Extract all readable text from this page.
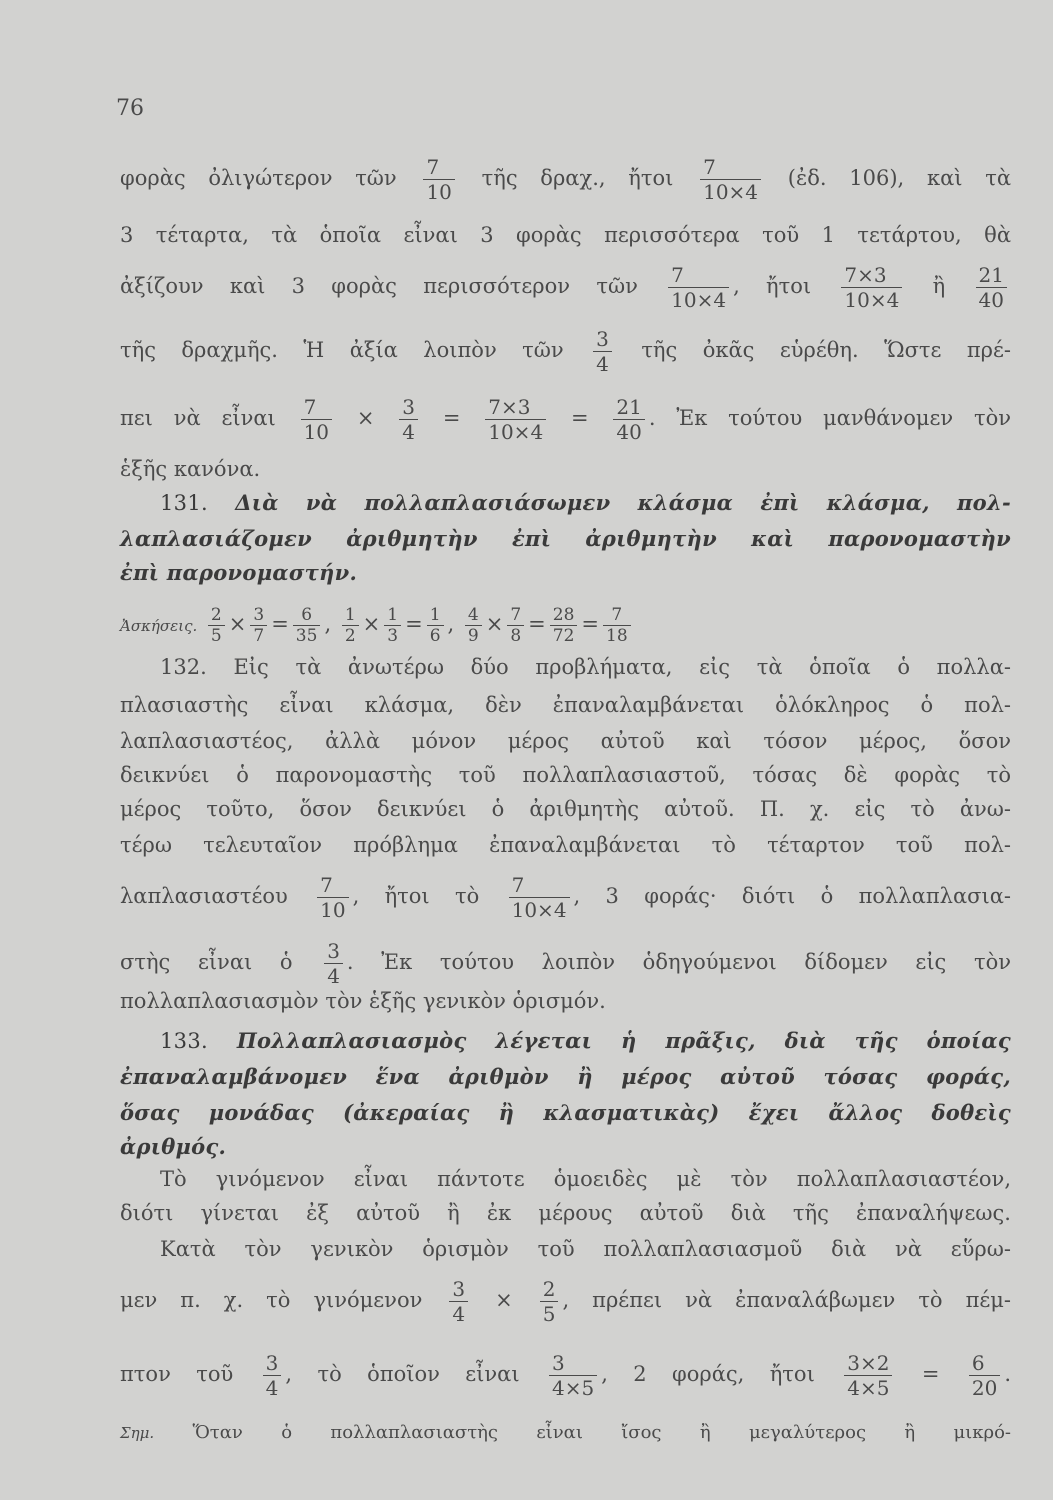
76
φορὰς ὀλιγώτερον τῶν $\frac{7}{10}$ τῆς δραχ., ἤτοι $\frac{7}{10\times 4}$ (ἐδ. 106), καὶ τὰ
3 τέταρτα, τὰ ὁποῖα εἶναι 3 φορὰς περισσότερα τοῦ 1 τετάρτου, θὰ
ἀξίζουν καὶ 3 φορὰς περισσότερον τῶν $\frac{7}{10\times 4}$ , ἤτοι $\frac{7\times 3}{10\times 4}$ ἢ $\frac{21}{40}$
τῆς δραχμῆς. Ἡ ἀξία λοιπὸν τῶν $\frac{3}{4}$ τῆς ὀκᾶς εὑρέθη. Ὥστε πρέ-
πει νὰ εἶναι $\frac{7}{10} \times \frac{3}{4} = \frac{7\times 3}{10\times 4} = \frac{21}{40}$ . Ἐκ τούτου μανθάνομεν τὸν
ἑξῆς κανόνα.
131. Διὰ νὰ πολλαπλασιάσωμεν κλάσμα ἐπὶ κλάσμα, πολ-
λαπλασιάζομεν ἀριθμητὴν ἐπὶ ἀριθμητὴν καὶ παρονομαστὴν
ἐπὶ παρονομαστήν.
Ἀσκήσεις. $\frac{2}{5} \times \frac{3}{7} = \frac{6}{35}$ , $\frac{1}{2} \times \frac{1}{3} = \frac{1}{6}$ , $\frac{4}{9} \times \frac{7}{8} = \frac{28}{72} = \frac{7}{18}$
132. Εἰς τὰ ἀνωτέρω δύο προβλήματα, εἰς τὰ ὁποῖα ὁ πολλα-
πλασιαστὴς εἶναι κλάσμα, δὲν ἐπαναλαμβάνεται ὁλόκληρος ὁ πολ-
λαπλασιαστέος, ἀλλὰ μόνον μέρος αὐτοῦ καὶ τόσον μέρος, ὅσον
δεικνύει ὁ παρονομαστὴς τοῦ πολλαπλασιαστοῦ, τόσας δὲ φορὰς τὸ
μέρος τοῦτο, ὅσον δεικνύει ὁ ἀριθμητὴς αὐτοῦ. Π. χ. εἰς τὸ ἀνω-
τέρω τελευταῖον πρόβλημα ἐπαναλαμβάνεται τὸ τέταρτον τοῦ πολ-
λαπλασιαστέου $\frac{7}{10}$ , ἤτοι τὸ $\frac{7}{10\times 4}$ , 3 φοράς· διότι ὁ πολλαπλασια-
στὴς εἶναι ὁ $\frac{3}{4}$ . Ἐκ τούτου λοιπὸν ὁδηγούμενοι δίδομεν εἰς τὸν
πολλαπλασιασμὸν τὸν ἑξῆς γενικὸν ὁρισμόν.
133. Πολλαπλασιασμὸς λέγεται ἡ πρᾶξις, διὰ τῆς ὁποίας
ἐπαναλαμβάνομεν ἕνα ἀριθμὸν ἢ μέρος αὐτοῦ τόσας φοράς,
ὅσας μονάδας (ἀκεραίας ἢ κλασματικὰς) ἔχει ἄλλος δοθεὶς
ἀριθμός.
Τὸ γινόμενον εἶναι πάντοτε ὁμοειδὲς μὲ τὸν πολλαπλασιαστέον,
διότι γίνεται ἐξ αὐτοῦ ἢ ἐκ μέρους αὐτοῦ διὰ τῆς ἐπαναλήψεως.
Κατὰ τὸν γενικὸν ὁρισμὸν τοῦ πολλαπλασιασμοῦ διὰ νὰ εὕρω-
μεν π. χ. τὸ γινόμενον $\frac{3}{4} \times \frac{2}{5}$ , πρέπει νὰ ἐπαναλάβωμεν τὸ πέμ-
πτον τοῦ $\frac{3}{4}$ , τὸ ὁποῖον εἶναι $\frac{3}{4\times 5}$ , 2 φοράς, ἤτοι $\frac{3\times 2}{4\times 5} = \frac{6}{20}$ .
Σημ. Ὅταν ὁ πολλαπλασιαστὴς εἶναι ἴσος ἢ μεγαλύτερος ἢ μικρό-
